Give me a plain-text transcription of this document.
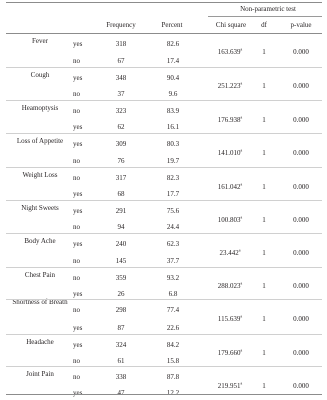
Non-parametric test
Frequency	Percent	Chi square	df	p-value
Fever	yes	318	82.6
no	67	17.4
163.639$^a$	1	0.000
Cough	yes	348	90.4
no	37	9.6
251.223$^a$	1	0.000
Heamoptysis	no	323	83.9
yes	62	16.1
176.938$^a$	1	0.000
Loss of Appetite	yes	309	80.3
no	76	19.7
141.010$^a$	1	0.000
Weight Loss	no	317	82.3
yes	68	17.7
161.042$^a$	1	0.000
Night Sweets	yes	291	75.6
no	94	24.4
100.803$^a$	1	0.000
Body Ache	yes	240	62.3
no	145	37.7
23.442$^a$	1	0.000
Chest Pain	no	359	93.2
yes	26	6.8
288.023$^a$	1	0.000
Shortness of Breath
no	298	77.4
yes	87	22.6
115.639$^a$	1	0.000
Headache	yes	324	84.2
no	61	15.8
179.660$^a$	1	0.000
Joint Pain	no	338	87.8
yes	47	12.2
219.951$^a$	1	0.000
